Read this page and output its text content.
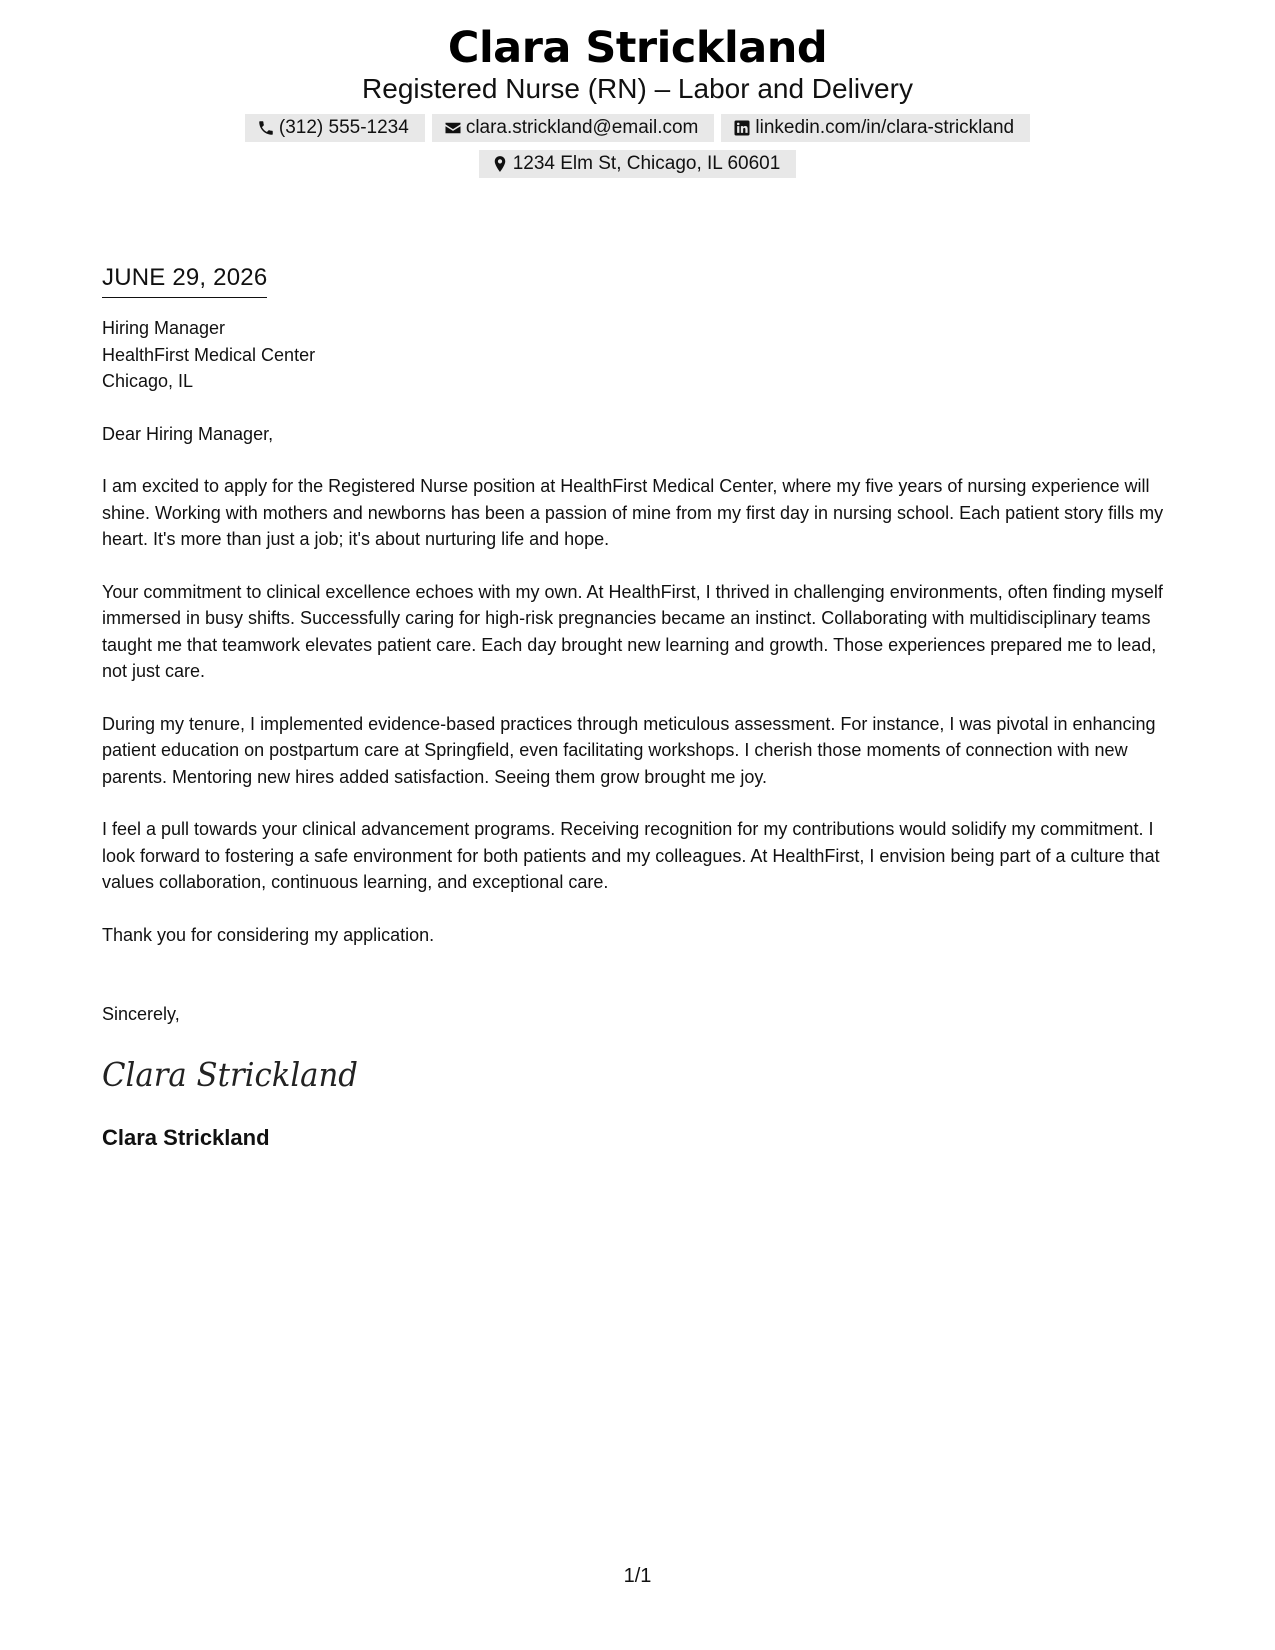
Clara Strickland
Registered Nurse (RN) – Labor and Delivery
(312) 555-1234	clara.strickland@email.com	linkedin.com/in/clara-strickland
1234 Elm St, Chicago, IL 60601
JUNE 29, 2026
Hiring Manager
HealthFirst Medical Center
Chicago, IL

Dear Hiring Manager,

I am excited to apply for the Registered Nurse position at HealthFirst Medical Center, where my five years of nursing experience will shine. Working with mothers and newborns has been a passion of mine from my first day in nursing school. Each patient story fills my heart. It's more than just a job; it's about nurturing life and hope.

Your commitment to clinical excellence echoes with my own. At HealthFirst, I thrived in challenging environments, often finding myself immersed in busy shifts. Successfully caring for high-risk pregnancies became an instinct. Collaborating with multidisciplinary teams taught me that teamwork elevates patient care. Each day brought new learning and growth. Those experiences prepared me to lead, not just care.

During my tenure, I implemented evidence-based practices through meticulous assessment. For instance, I was pivotal in enhancing patient education on postpartum care at Springfield, even facilitating workshops. I cherish those moments of connection with new parents. Mentoring new hires added satisfaction. Seeing them grow brought me joy.

I feel a pull towards your clinical advancement programs. Receiving recognition for my contributions would solidify my commitment. I look forward to fostering a safe environment for both patients and my colleagues. At HealthFirst, I envision being part of a culture that values collaboration, continuous learning, and exceptional care.

Thank you for considering my application.

Sincerely,

Clara Strickland
Clara Strickland
1/1
